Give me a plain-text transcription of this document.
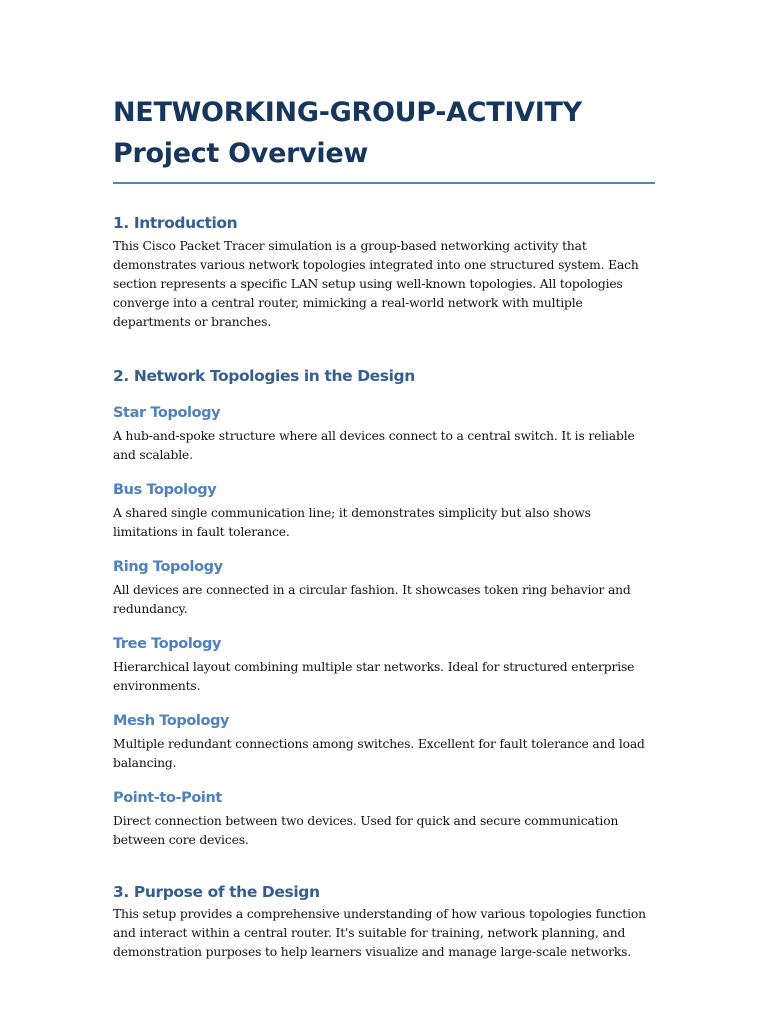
NETWORKING-GROUP-ACTIVITY Project Overview
1. Introduction

This Cisco Packet Tracer simulation is a group-based networking activity that demonstrates various network topologies integrated into one structured system. Each section represents a specific LAN setup using well-known topologies. All topologies converge into a central router, mimicking a real-world network with multiple departments or branches.

2. Network Topologies in the Design
Star Topology

A hub-and-spoke structure where all devices connect to a central switch. It is reliable and scalable.

Bus Topology

A shared single communication line; it demonstrates simplicity but also shows limitations in fault tolerance.

Ring Topology

All devices are connected in a circular fashion. It showcases token ring behavior and redundancy.

Tree Topology

Hierarchical layout combining multiple star networks. Ideal for structured enterprise environments.

Mesh Topology

Multiple redundant connections among switches. Excellent for fault tolerance and load balancing.

Point-to-Point

Direct connection between two devices. Used for quick and secure communication between core devices.

3. Purpose of the Design

This setup provides a comprehensive understanding of how various topologies function and interact within a central router. It's suitable for training, network planning, and demonstration purposes to help learners visualize and manage large-scale networks.
